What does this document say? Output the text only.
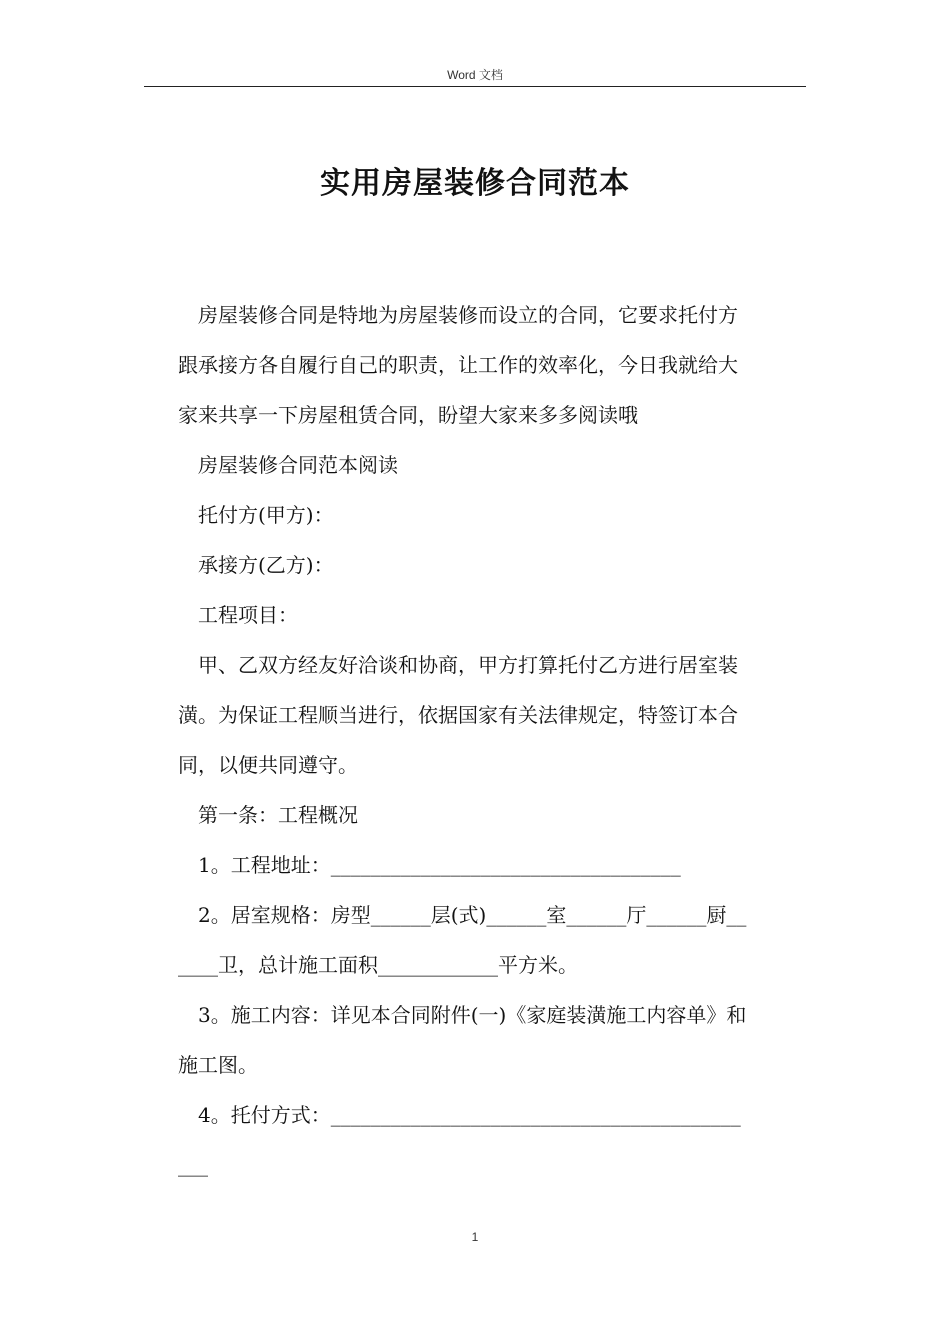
Word 文档
实用房屋装修合同范本

房屋装修合同是特地为房屋装修而设立的合同，它要求托付方

跟承接方各自履行自己的职责，让工作的效率化，今日我就给大

家来共享一下房屋租赁合同，盼望大家来多多阅读哦

房屋装修合同范本阅读

托付方(甲方)：

承接方(乙方)：

工程项目：

甲、乙双方经友好洽谈和协商，甲方打算托付乙方进行居室装

潢。为保证工程顺当进行，依据国家有关法律规定，特签订本合

同，以便共同遵守。

第一条：工程概况

1。工程地址：___________________________________

2。居室规格：房型______层(式)______室______厅______厨__

____卫，总计施工面积____________平方米。

3。施工内容：详见本合同附件(一)《家庭装潢施工内容单》和

施工图。

4。托付方式：_________________________________________

___

1
